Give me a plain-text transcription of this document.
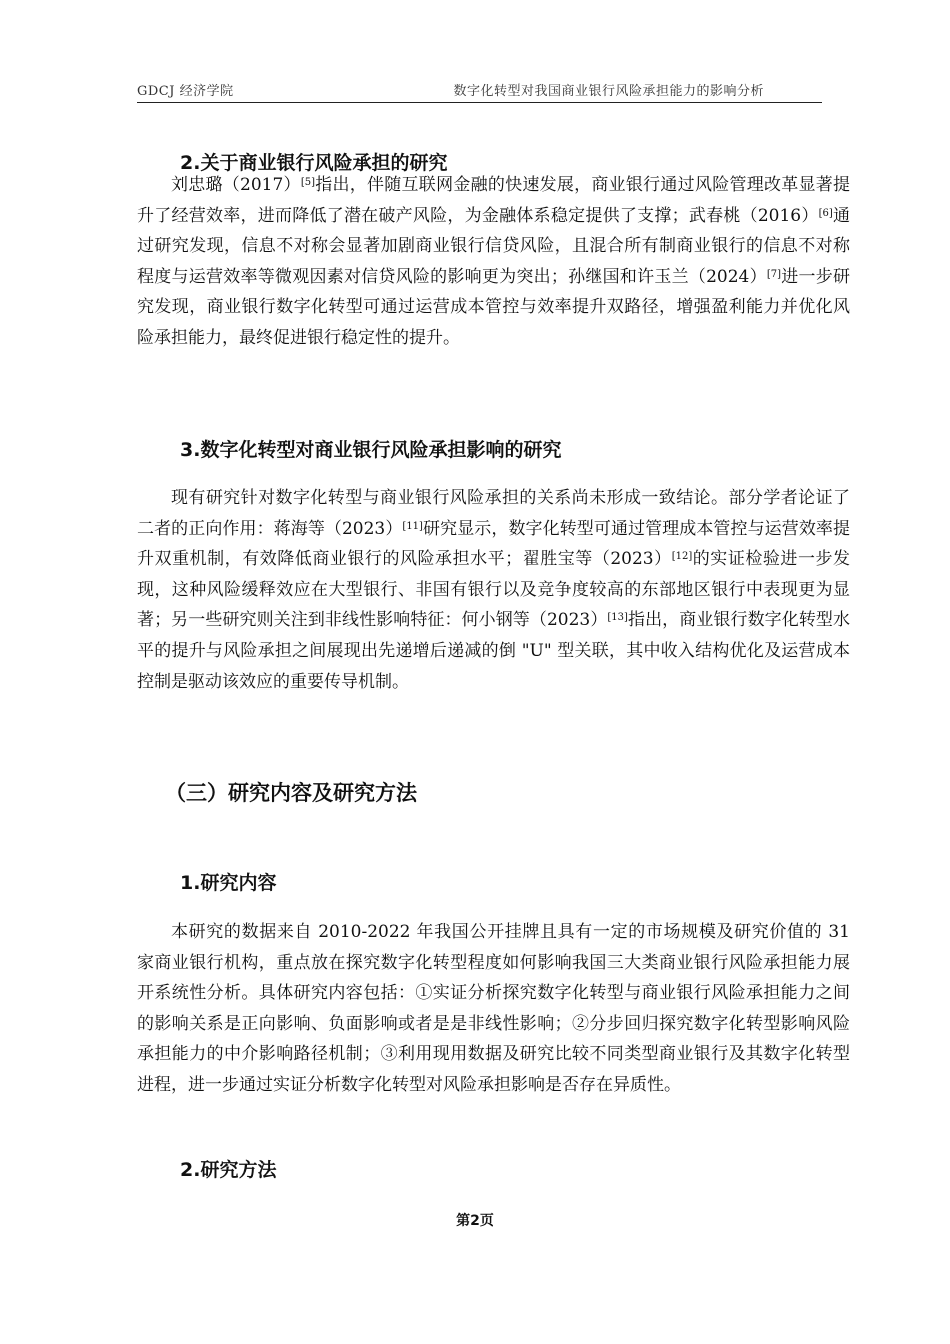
GDCJ 经济学院	数字化转型对我国商业银行风险承担能力的影响分析
2.关于商业银行风险承担的研究
刘忠璐（2017）[5]指出，伴随互联网金融的快速发展，商业银行通过风险管理改革显著提升了经营效率，进而降低了潜在破产风险，为金融体系稳定提供了支撑；武春桃（2016）[6]通过研究发现，信息不对称会显著加剧商业银行信贷风险，且混合所有制商业银行的信息不对称程度与运营效率等微观因素对信贷风险的影响更为突出；孙继国和许玉兰（2024）[7]进一步研究发现，商业银行数字化转型可通过运营成本管控与效率提升双路径，增强盈利能力并优化风险承担能力，最终促进银行稳定性的提升。
3.数字化转型对商业银行风险承担影响的研究
现有研究针对数字化转型与商业银行风险承担的关系尚未形成一致结论。部分学者论证了二者的正向作用：蒋海等（2023）[11]研究显示，数字化转型可通过管理成本管控与运营效率提升双重机制，有效降低商业银行的风险承担水平；翟胜宝等（2023）[12]的实证检验进一步发现，这种风险缓释效应在大型银行、非国有银行以及竞争度较高的东部地区银行中表现更为显著；另一些研究则关注到非线性影响特征：何小钢等（2023）[13]指出，商业银行数字化转型水平的提升与风险承担之间展现出先递增后递减的倒 "U" 型关联，其中收入结构优化及运营成本控制是驱动该效应的重要传导机制。
（三）研究内容及研究方法
1.研究内容
本研究的数据来自 2010-2022 年我国公开挂牌且具有一定的市场规模及研究价值的 31 家商业银行机构，重点放在探究数字化转型程度如何影响我国三大类商业银行风险承担能力展开系统性分析。具体研究内容包括：①实证分析探究数字化转型与商业银行风险承担能力之间的影响关系是正向影响、负面影响或者是是非线性影响；②分步回归探究数字化转型影响风险承担能力的中介影响路径机制；③利用现用数据及研究比较不同类型商业银行及其数字化转型进程，进一步通过实证分析数字化转型对风险承担影响是否存在异质性。
2.研究方法
第2页
